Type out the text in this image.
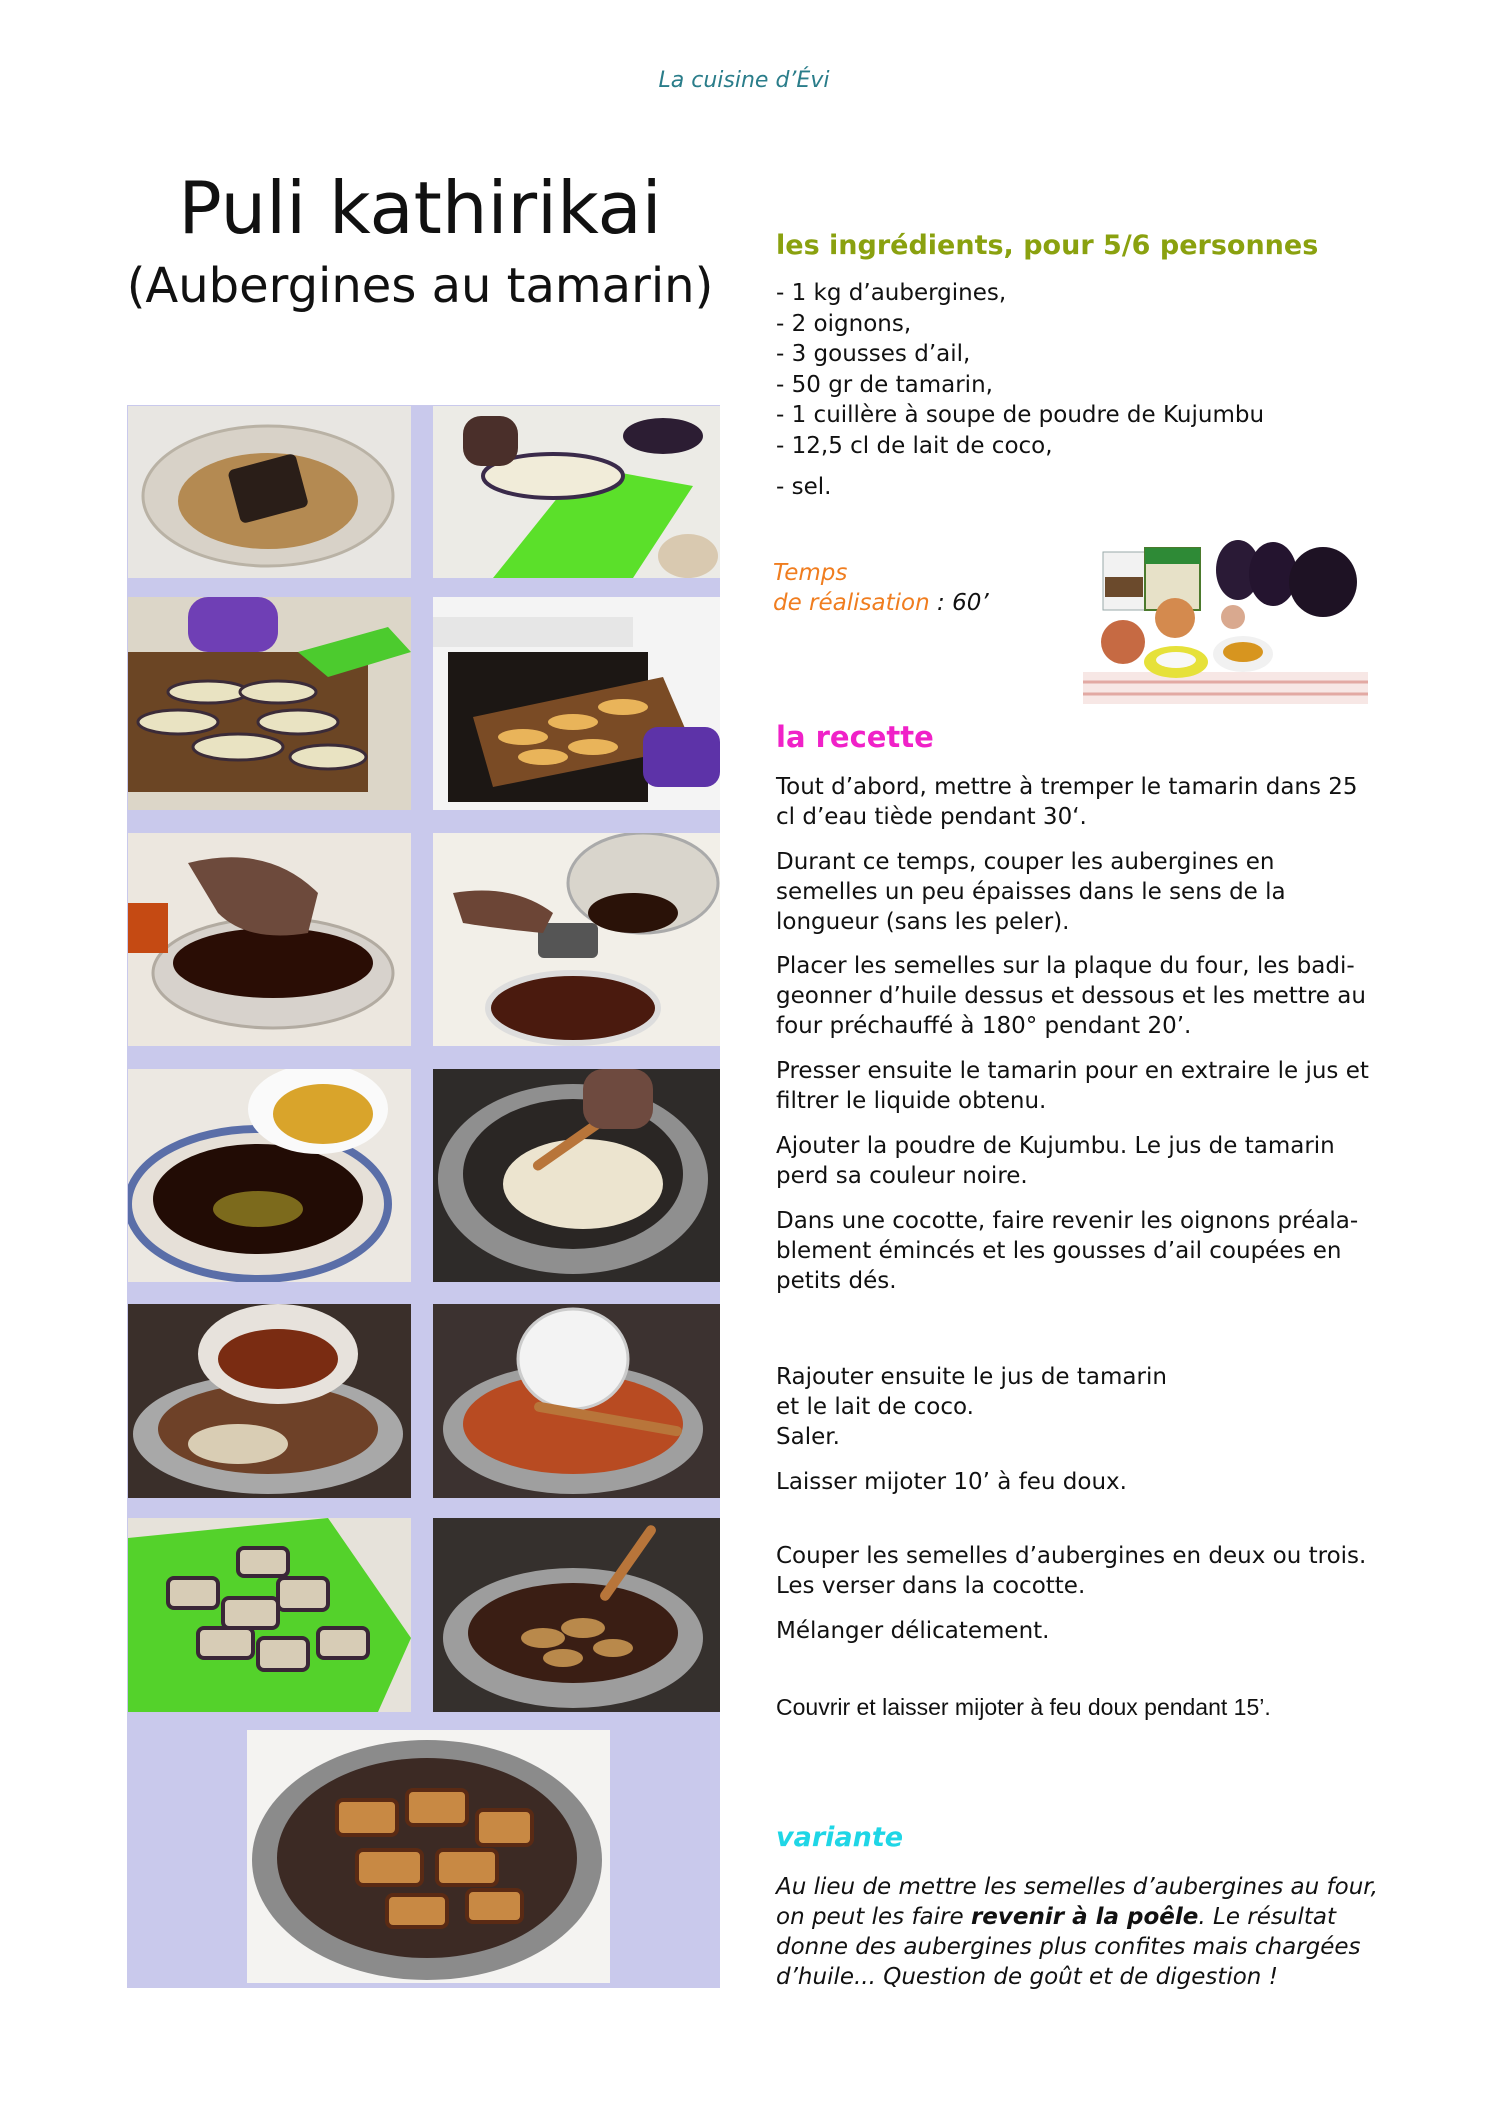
La cuisine d’Évi
Puli kathirikai
(Aubergines au tamarin)
les ingrédients, pour 5/6 personnes
- 1 kg d’aubergines,
- 2 oignons,
- 3 gousses d’ail,
- 50 gr de tamarin,
- 1 cuillère à soupe de poudre de Kujumbu
- 12,5 cl de lait de coco,
- sel.
Temps
de réalisation : 60’
la recette

Tout d’abord, mettre à tremper le tamarin dans 25 cl d’eau tiède pendant 30‘.

Durant ce temps, couper les aubergines en semelles un peu épaisses dans le sens de la longueur (sans les peler).

Placer les semelles sur la plaque du four, les badi-geonner d’huile dessus et dessous et les mettre au four préchauffé à 180° pendant 20’.

Presser ensuite le tamarin pour en extraire le jus et filtrer le liquide obtenu.

Ajouter la poudre de Kujumbu. Le jus de tamarin perd sa couleur noire.

Dans une cocotte, faire revenir les oignons préala-blement émincés et les gousses d’ail coupées en petits dés.

Rajouter ensuite le jus de tamarin
et le lait de coco.
Saler.

Laisser mijoter 10’ à feu doux.

Couper les semelles d’aubergines en deux ou trois.
Les verser dans la cocotte.

Mélanger délicatement.

Couvrir et laisser mijoter à feu doux pendant 15’.

variante
Au lieu de mettre les semelles d’aubergines au four, on peut les faire revenir à la poêle. Le résultat donne des aubergines plus confites mais chargées d’huile... Question de goût et de digestion !
